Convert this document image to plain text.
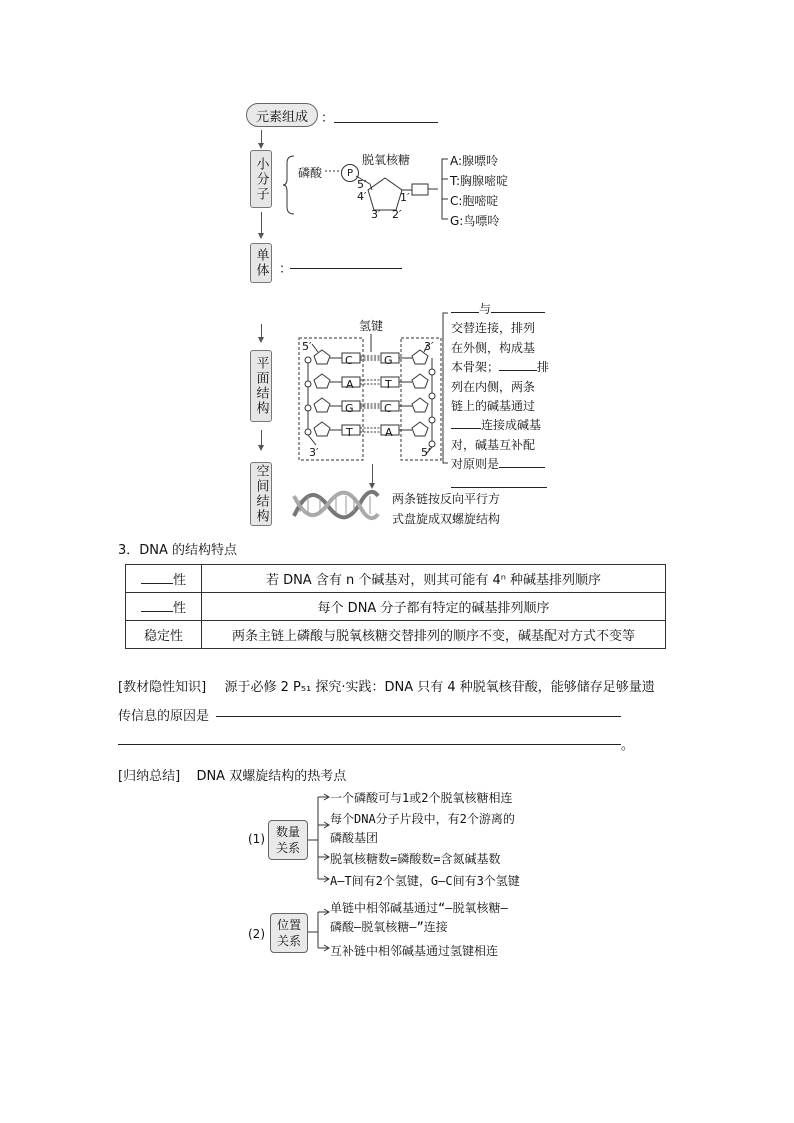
元素组成	：
小分子 磷酸	P
脱氧核糖
5′
4′
3′ 2′
1′
A:腺嘌呤
T:胸腺嘧啶
C:胞嘧啶
G:鸟嘌呤
单体 ：
平面结构
氢键
C
A
G
T
G
T
C
A
5′	3′
3′	5′
与
交替连接，排列
在外侧，构成基
本骨架；	排
列在内侧，两条
链上的碱基通过
连接成碱基
对，碱基互补配
对原则是
空间结构	两条链按反向平行方
式盘旋成双螺旋结构
3．DNA 的结构特点
性	若 DNA 含有 n 个碱基对，则其可能有 4ⁿ 种碱基排列顺序
性	每个 DNA 分子都有特定的碱基排列顺序
稳定性	两条主链上磷酸与脱氧核糖交替排列的顺序不变，碱基配对方式不变等
[教材隐性知识] 源于必修 2 P₅₁ 探究·实践：DNA 只有 4 种脱氧核苷酸，能够储存足够量遗
传信息的原因是
。
[归纳总结] DNA 双螺旋结构的热考点
(1) 数量关系
一个磷酸可与1或2个脱氧核糖相连
每个DNA分子片段中，有2个游离的
磷酸基团
脱氧核糖数=磷酸数=含氮碱基数
A—T间有2个氢键，G—C间有3个氢键
(2)
位置关系
单链中相邻碱基通过“—脱氧核糖—
磷酸—脱氧核糖—”连接
互补链中相邻碱基通过氢键相连
